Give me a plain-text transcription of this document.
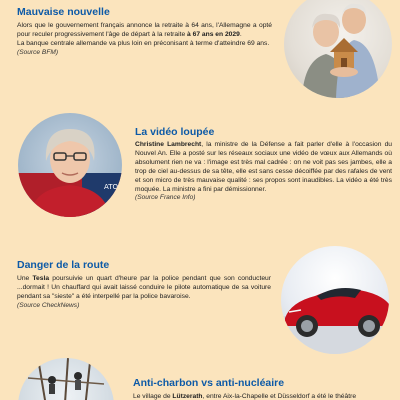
Mauvaise nouvelle
Alors que le gouvernement français annonce la retraite à 64 ans, l'Allemagne a opté pour reculer progressivement l'âge de départ à la retraite à 67 ans en 2029.
La banque centrale allemande va plus loin en préconisant à terme d'atteindre 69 ans.
(Source BFM)
ATO
La vidéo loupée
Christine Lambrecht, la ministre de la Défense a fait parler d'elle à l'occasion du Nouvel An. Elle a posté sur les réseaux sociaux une vidéo de vœux aux Allemands où absolument rien ne va : l'image est très mal cadrée : on ne voit pas ses jambes, elle a trop de ciel au-dessus de sa tête, elle est sans cesse décoiffée par des rafales de vent et son micro de très mauvaise qualité : ses propos sont inaudibles. La vidéo a été très moquée. La ministre a fini par démissionner.
(Source France Info)
Danger de la route
Une Tesla poursuivie un quart d'heure par la police pendant que son conducteur ...dormait ! Un chauffard qui avait laissé conduire le pilote automatique de sa voiture pendant sa "sieste" a été interpellé par la police bavaroise.
(Source CheckNews)
Anti-charbon vs anti-nucléaire
Le village de Lützerath, entre Aix-la-Chapelle et Düsseldorf a été le théâtre
